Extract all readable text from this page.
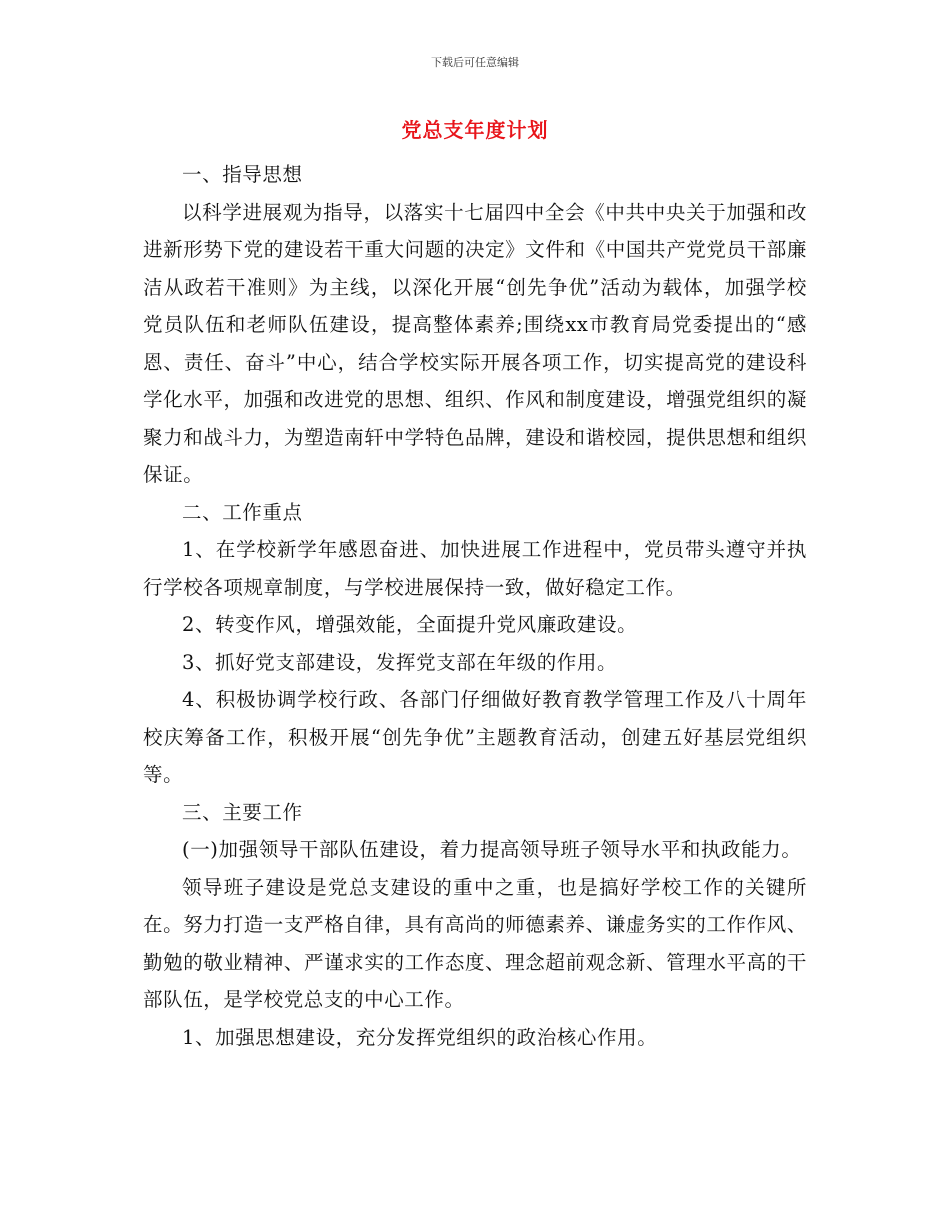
下载后可任意编辑
党总支年度计划

一、指导思想

以科学进展观为指导，以落实十七届四中全会《中共中央关于加强和改进新形势下党的建设若干重大问题的决定》文件和《中国共产党党员干部廉洁从政若干准则》为主线，以深化开展“创先争优”活动为载体，加强学校党员队伍和老师队伍建设，提高整体素养;围绕xx市教育局党委提出的“感恩、责任、奋斗”中心，结合学校实际开展各项工作，切实提高党的建设科学化水平，加强和改进党的思想、组织、作风和制度建设，增强党组织的凝聚力和战斗力，为塑造南轩中学特色品牌，建设和谐校园，提供思想和组织保证。

二、工作重点

1、在学校新学年感恩奋进、加快进展工作进程中，党员带头遵守并执行学校各项规章制度，与学校进展保持一致，做好稳定工作。

2、转变作风，增强效能，全面提升党风廉政建设。

3、抓好党支部建设，发挥党支部在年级的作用。

4、积极协调学校行政、各部门仔细做好教育教学管理工作及八十周年校庆筹备工作，积极开展“创先争优”主题教育活动，创建五好基层党组织等。

三、主要工作

(一)加强领导干部队伍建设，着力提高领导班子领导水平和执政能力。

领导班子建设是党总支建设的重中之重，也是搞好学校工作的关键所在。努力打造一支严格自律，具有高尚的师德素养、谦虚务实的工作作风、勤勉的敬业精神、严谨求实的工作态度、理念超前观念新、管理水平高的干部队伍，是学校党总支的中心工作。

1、加强思想建设，充分发挥党组织的政治核心作用。
